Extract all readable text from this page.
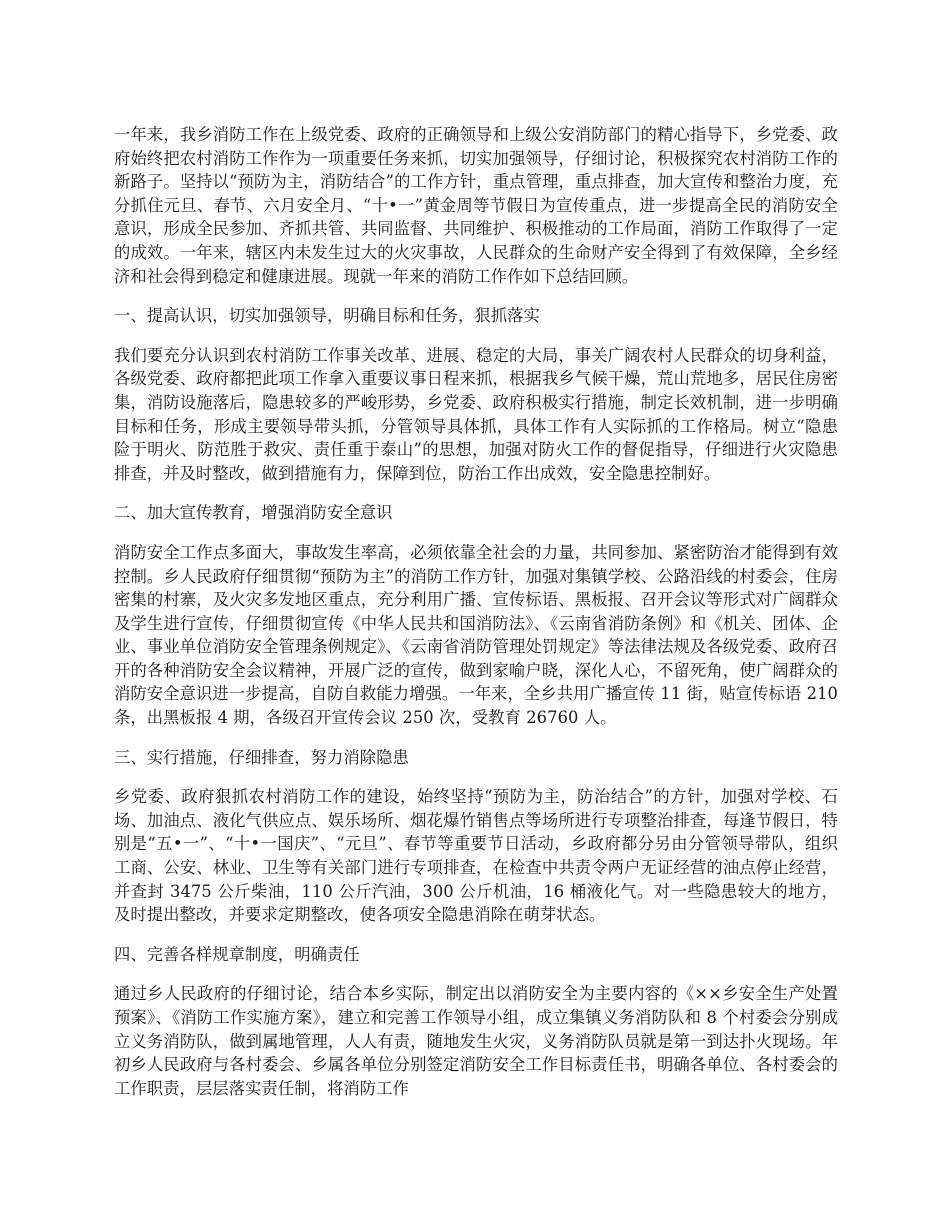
一年来，我乡消防工作在上级党委、政府的正确领导和上级公安消防部门的精心指导下，乡党委、政府始终把农村消防工作作为一项重要任务来抓，切实加强领导，仔细讨论，积极探究农村消防工作的新路子。坚持以“预防为主，消防结合”的工作方针，重点管理，重点排查，加大宣传和整治力度，充分抓住元旦、春节、六月安全月、“十•一”黄金周等节假日为宣传重点，进一步提高全民的消防安全意识，形成全民参加、齐抓共管、共同监督、共同维护、积极推动的工作局面，消防工作取得了一定的成效。一年来，辖区内未发生过大的火灾事故，人民群众的生命财产安全得到了有效保障，全乡经济和社会得到稳定和健康进展。现就一年来的消防工作作如下总结回顾。

一、提高认识，切实加强领导，明确目标和任务，狠抓落实

我们要充分认识到农村消防工作事关改革、进展、稳定的大局，事关广阔农村人民群众的切身利益，各级党委、政府都把此项工作拿入重要议事日程来抓，根据我乡气候干燥，荒山荒地多，居民住房密集，消防设施落后，隐患较多的严峻形势，乡党委、政府积极实行措施，制定长效机制，进一步明确目标和任务，形成主要领导带头抓，分管领导具体抓，具体工作有人实际抓的工作格局。树立“隐患险于明火、防范胜于救灾、责任重于泰山”的思想，加强对防火工作的督促指导，仔细进行火灾隐患排查，并及时整改，做到措施有力，保障到位，防治工作出成效，安全隐患控制好。

二、加大宣传教育，增强消防安全意识

消防安全工作点多面大，事故发生率高，必须依靠全社会的力量，共同参加、紧密防治才能得到有效控制。乡人民政府仔细贯彻“预防为主”的消防工作方针，加强对集镇学校、公路沿线的村委会，住房密集的村寨，及火灾多发地区重点，充分利用广播、宣传标语、黑板报、召开会议等形式对广阔群众及学生进行宣传，仔细贯彻宣传《中华人民共和国消防法》、《云南省消防条例》和《机关、团体、企业、事业单位消防安全管理条例规定》、《云南省消防管理处罚规定》等法律法规及各级党委、政府召开的各种消防安全会议精神，开展广泛的宣传，做到家喻户晓，深化人心，不留死角，使广阔群众的消防安全意识进一步提高，自防自救能力增强。一年来，全乡共用广播宣传 11 街，贴宣传标语 210 条，出黑板报 4 期，各级召开宣传会议 250 次，受教育 26760 人。

三、实行措施，仔细排查，努力消除隐患

乡党委、政府狠抓农村消防工作的建设，始终坚持“预防为主，防治结合”的方针，加强对学校、石场、加油点、液化气供应点、娱乐场所、烟花爆竹销售点等场所进行专项整治排查，每逢节假日，特别是“五•一”、“十•一国庆”、“元旦”、春节等重要节日活动，乡政府都分另由分管领导带队，组织工商、公安、林业、卫生等有关部门进行专项排查，在检查中共责令两户无证经营的油点停止经营，并查封 3475 公斤柴油，110 公斤汽油，300 公斤机油，16 桶液化气。对一些隐患较大的地方，及时提出整改，并要求定期整改，使各项安全隐患消除在萌芽状态。

四、完善各样规章制度，明确责任

通过乡人民政府的仔细讨论，结合本乡实际，制定出以消防安全为主要内容的《××乡安全生产处置预案》、《消防工作实施方案》，建立和完善工作领导小组，成立集镇义务消防队和 8 个村委会分别成立义务消防队，做到属地管理，人人有责，随地发生火灾，义务消防队员就是第一到达扑火现场。年初乡人民政府与各村委会、乡属各单位分别签定消防安全工作目标责任书，明确各单位、各村委会的工作职责，层层落实责任制，将消防工作
